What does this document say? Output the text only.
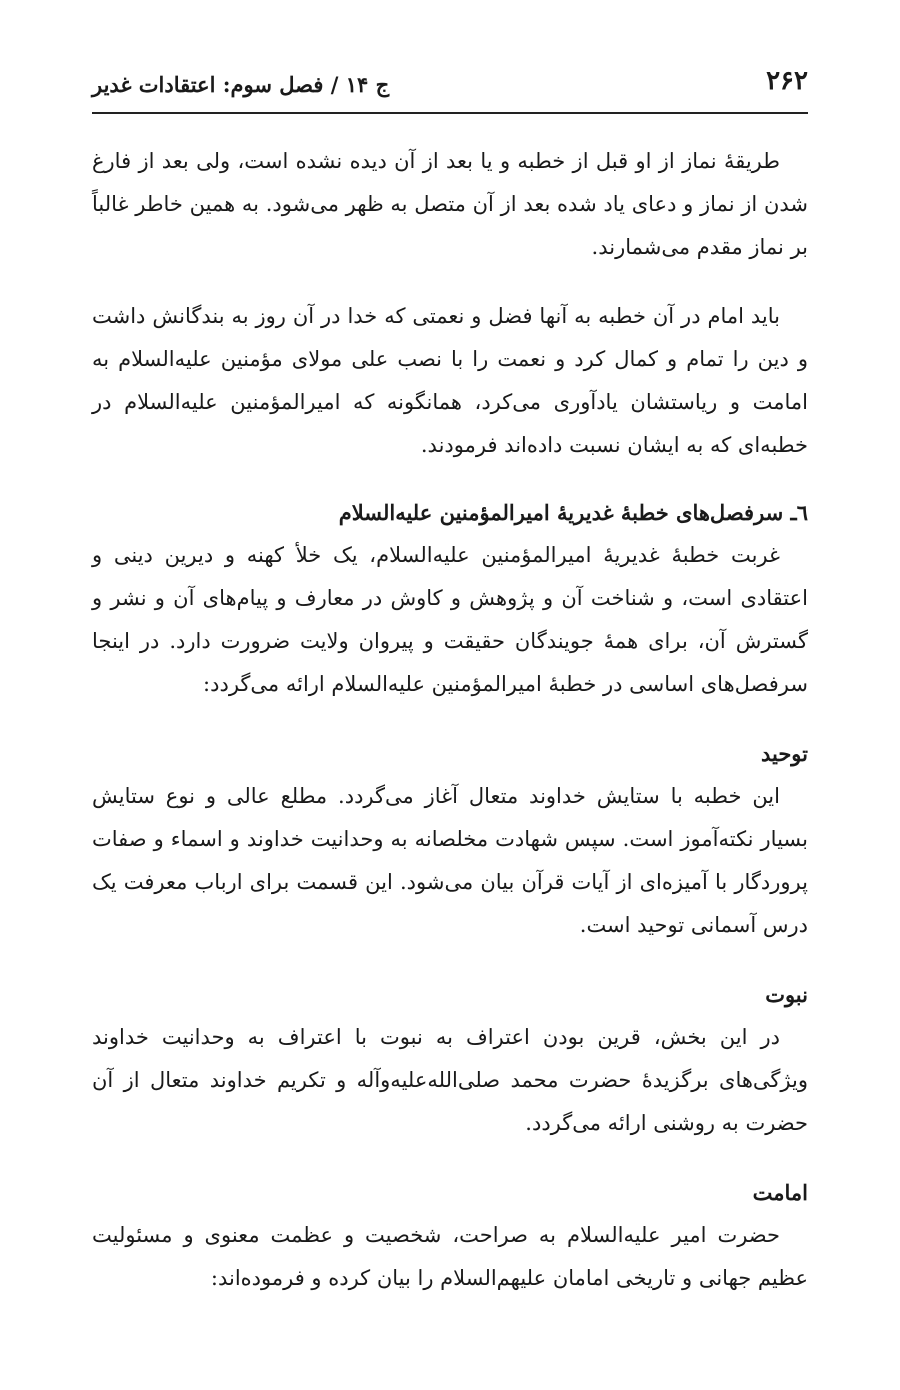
۲۶۲
ج ۱۴ / فصل سوم: اعتقادات غدیر

طریقهٔ نماز از او قبل از خطبه و یا بعد از آن دیده نشده است، ولی بعد از فارغ شدن از نماز و دعای یاد شده بعد از آن متصل به ظهر می‌شود. به همین خاطر غالباً بر نماز مقدم می‌شمارند.

باید امام در آن خطبه به آنها فضل و نعمتی که خدا در آن روز به بندگانش داشت و دین را تمام و کمال کرد و نعمت را با نصب علی مولای مؤمنین علیه‌السلام به امامت و ریاستشان یادآوری می‌کرد، همانگونه که امیرالمؤمنین علیه‌السلام در خطبه‌ای که به ایشان نسبت داده‌اند فرمودند.

٦ـ سرفصل‌های خطبهٔ غدیریهٔ امیرالمؤمنین علیه‌السلام

غربت خطبهٔ غدیریهٔ امیرالمؤمنین علیه‌السلام، یک خلأ کهنه و دیرین دینی و اعتقادی است، و شناخت آن و پژوهش و کاوش در معارف و پیام‌های آن و نشر و گسترش آن، برای همهٔ جویندگان حقیقت و پیروان ولایت ضرورت دارد. در اینجا سرفصل‌های اساسی در خطبهٔ امیرالمؤمنین علیه‌السلام ارائه می‌گردد:

توحید

این خطبه با ستایش خداوند متعال آغاز می‌گردد. مطلع عالی و نوع ستایش بسیار نکته‌آموز است. سپس شهادت مخلصانه به وحدانیت خداوند و اسماء و صفات پروردگار با آمیزه‌ای از آیات قرآن بیان می‌شود. این قسمت برای ارباب معرفت یک درس آسمانی توحید است.

نبوت

در این بخش، قرین بودن اعتراف به نبوت با اعتراف به وحدانیت خداوند ویژگی‌های برگزیدهٔ حضرت محمد صلی‌الله‌علیه‌وآله و تکریم خداوند متعال از آن حضرت به روشنی ارائه می‌گردد.

امامت

حضرت امیر علیه‌السلام به صراحت، شخصیت و عظمت معنوی و مسئولیت عظیم جهانی و تاریخی امامان علیهم‌السلام را بیان کرده و فرموده‌اند:
